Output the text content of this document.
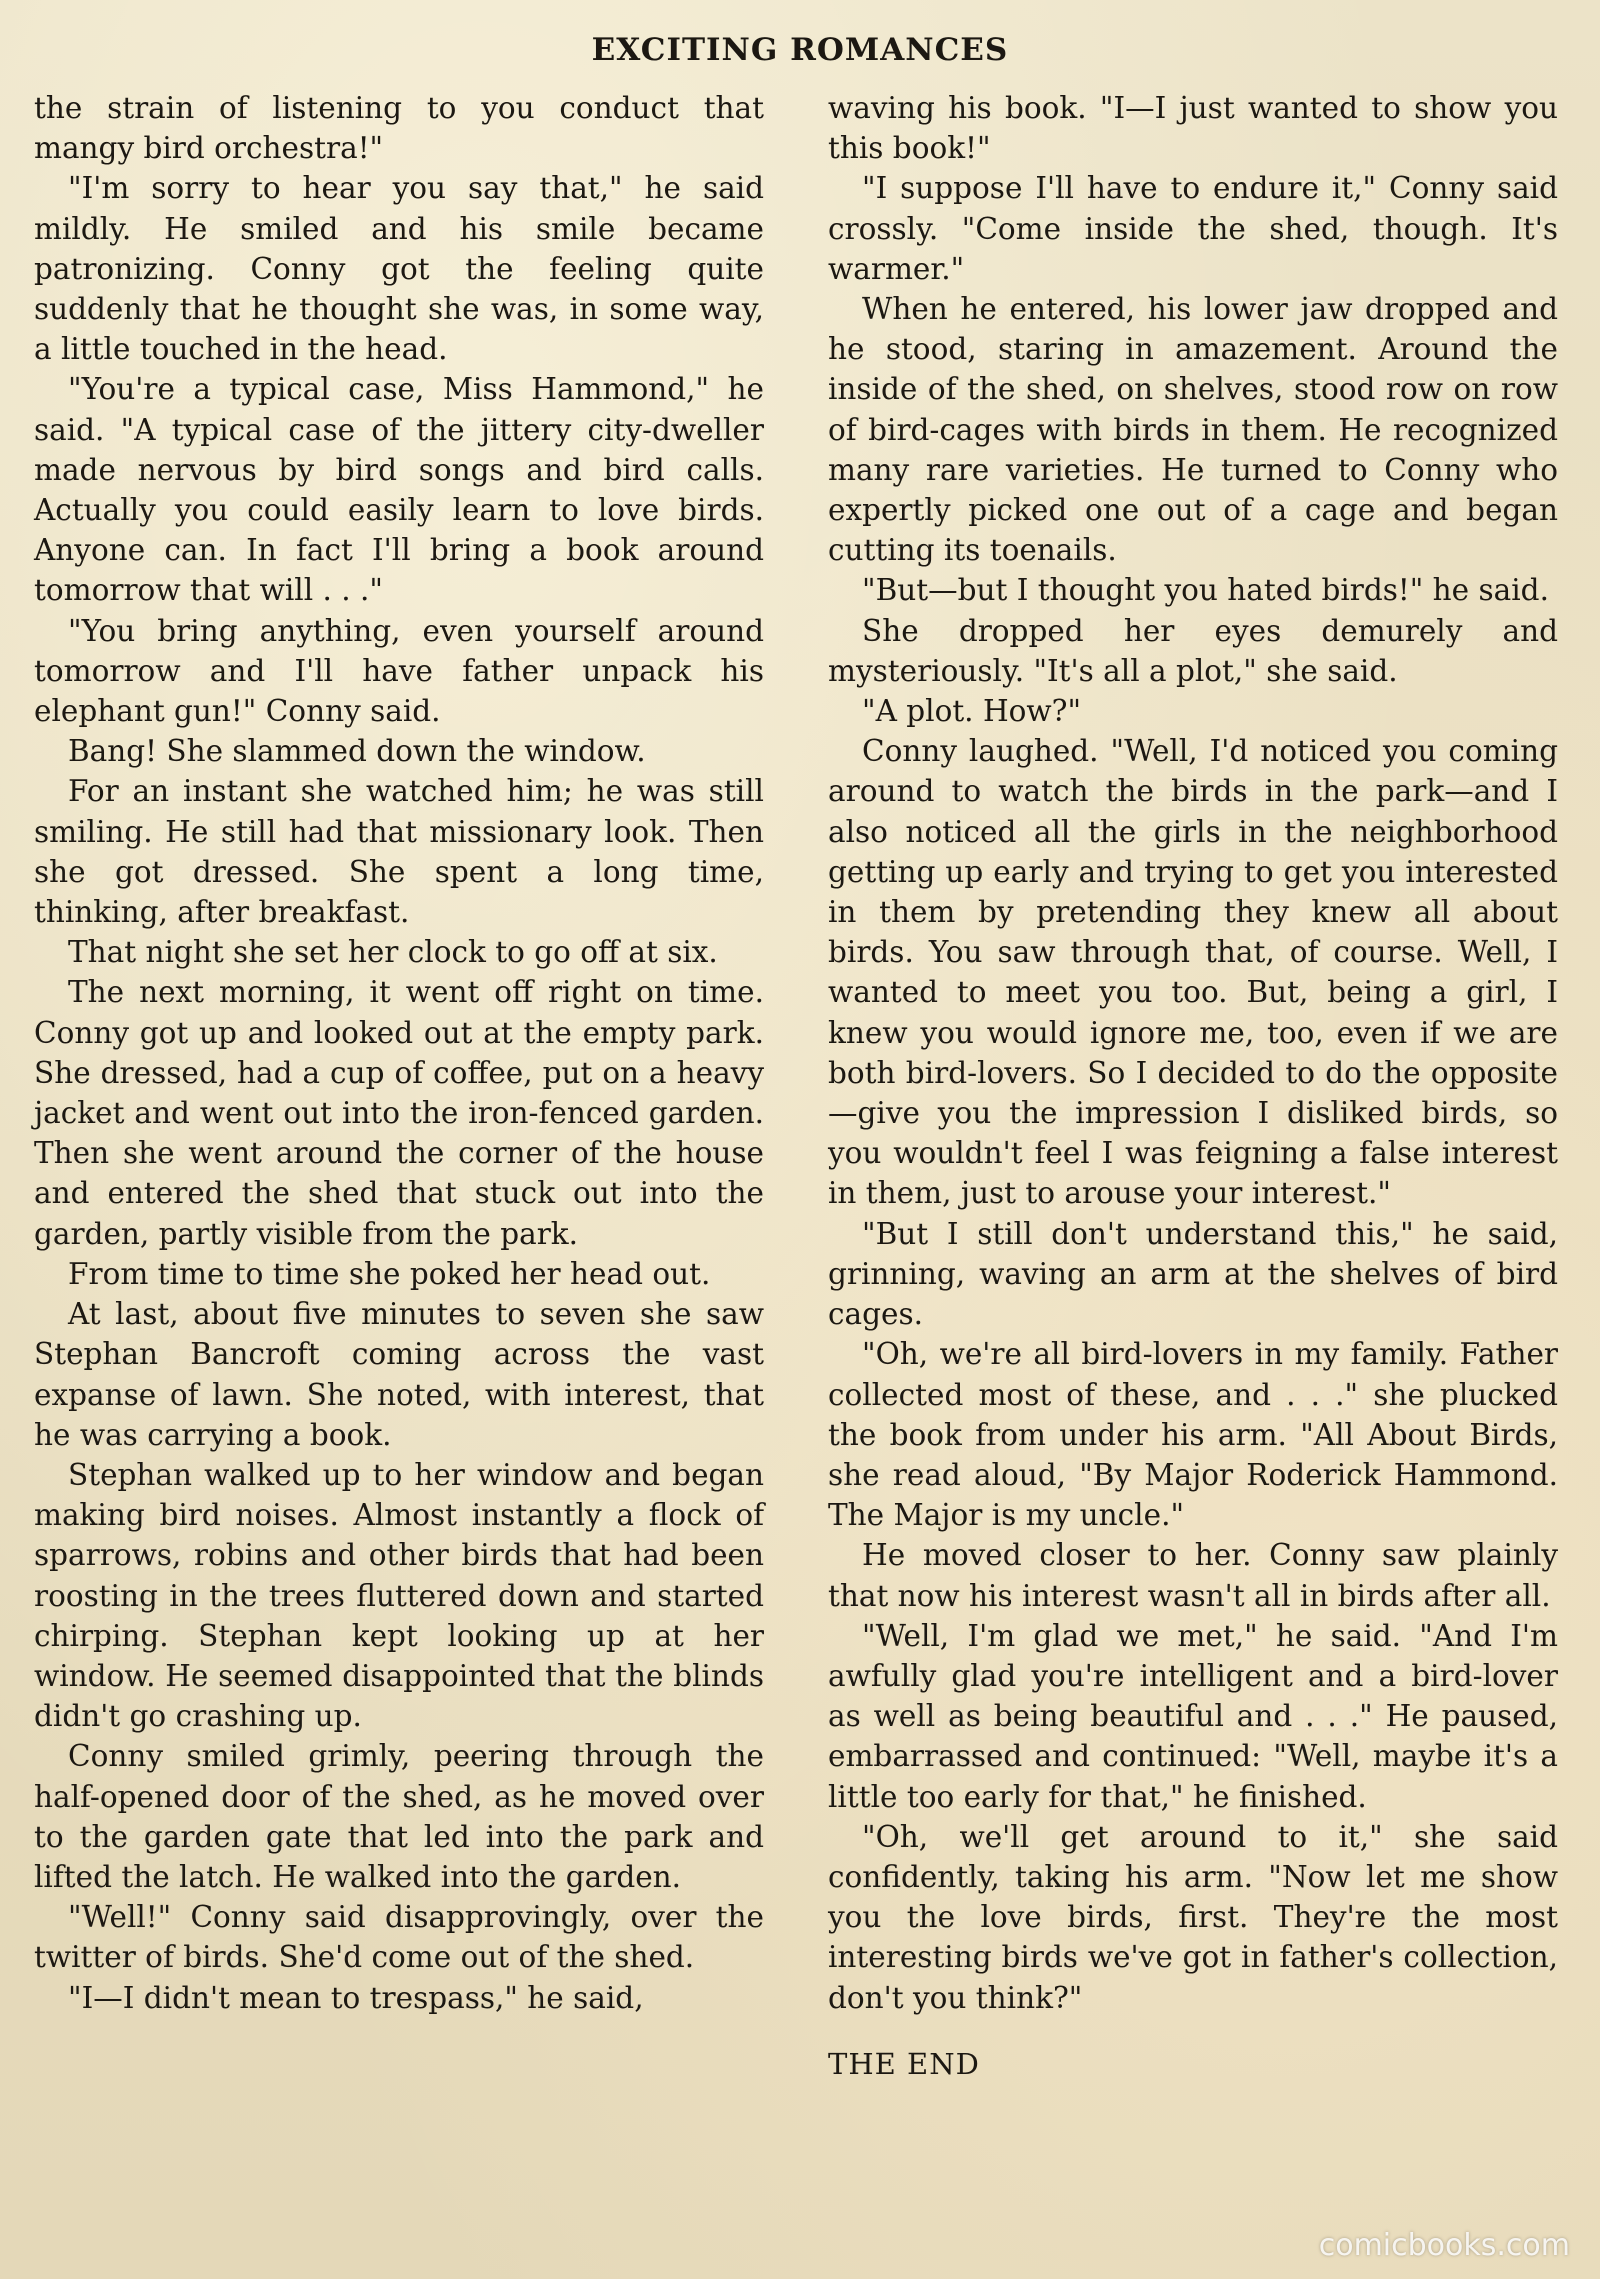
EXCITING ROMANCES

the strain of listening to you conduct that mangy bird orchestra!"

"I'm sorry to hear you say that," he said mildly. He smiled and his smile became patronizing. Conny got the feeling quite suddenly that he thought she was, in some way, a little touched in the head.

"You're a typical case, Miss Hammond," he said. "A typical case of the jittery city-dweller made nervous by bird songs and bird calls. Actually you could easily learn to love birds. Anyone can. In fact I'll bring a book around tomorrow that will . . ."

"You bring anything, even yourself around tomorrow and I'll have father unpack his elephant gun!" Conny said.

Bang! She slammed down the window.

For an instant she watched him; he was still smiling. He still had that missionary look. Then she got dressed. She spent a long time, thinking, after breakfast.

That night she set her clock to go off at six.

The next morning, it went off right on time. Conny got up and looked out at the empty park. She dressed, had a cup of coffee, put on a heavy jacket and went out into the iron-fenced garden. Then she went around the corner of the house and entered the shed that stuck out into the garden, partly visible from the park.

From time to time she poked her head out.

At last, about five minutes to seven she saw Stephan Bancroft coming across the vast expanse of lawn. She noted, with interest, that he was carrying a book.

Stephan walked up to her window and began making bird noises. Almost instantly a flock of sparrows, robins and other birds that had been roosting in the trees fluttered down and started chirping. Stephan kept looking up at her window. He seemed disappointed that the blinds didn't go crashing up.

Conny smiled grimly, peering through the half-opened door of the shed, as he moved over to the garden gate that led into the park and lifted the latch. He walked into the garden.

"Well!" Conny said disapprovingly, over the twitter of birds. She'd come out of the shed.

"I—I didn't mean to trespass," he said,

waving his book. "I—I just wanted to show you this book!"

"I suppose I'll have to endure it," Conny said crossly. "Come inside the shed, though. It's warmer."

When he entered, his lower jaw dropped and he stood, staring in amazement. Around the inside of the shed, on shelves, stood row on row of bird-cages with birds in them. He recognized many rare varieties. He turned to Conny who expertly picked one out of a cage and began cutting its toenails.

"But—but I thought you hated birds!" he said.

She dropped her eyes demurely and mysteriously. "It's all a plot," she said.

"A plot. How?"

Conny laughed. "Well, I'd noticed you coming around to watch the birds in the park—and I also noticed all the girls in the neighborhood getting up early and trying to get you interested in them by pretending they knew all about birds. You saw through that, of course. Well, I wanted to meet you too. But, being a girl, I knew you would ignore me, too, even if we are both bird-lovers. So I decided to do the opposite—give you the impression I disliked birds, so you wouldn't feel I was feigning a false interest in them, just to arouse your interest."

"But I still don't understand this," he said, grinning, waving an arm at the shelves of bird cages.

"Oh, we're all bird-lovers in my family. Father collected most of these, and . . ." she plucked the book from under his arm. "All About Birds, she read aloud, "By Major Roderick Hammond. The Major is my uncle."

He moved closer to her. Conny saw plainly that now his interest wasn't all in birds after all.

"Well, I'm glad we met," he said. "And I'm awfully glad you're intelligent and a bird-lover as well as being beautiful and . . ." He paused, embarrassed and continued: "Well, maybe it's a little too early for that," he finished.

"Oh, we'll get around to it," she said confidently, taking his arm. "Now let me show you the love birds, first. They're the most interesting birds we've got in father's collection, don't you think?"

THE END

comicbooks.com
